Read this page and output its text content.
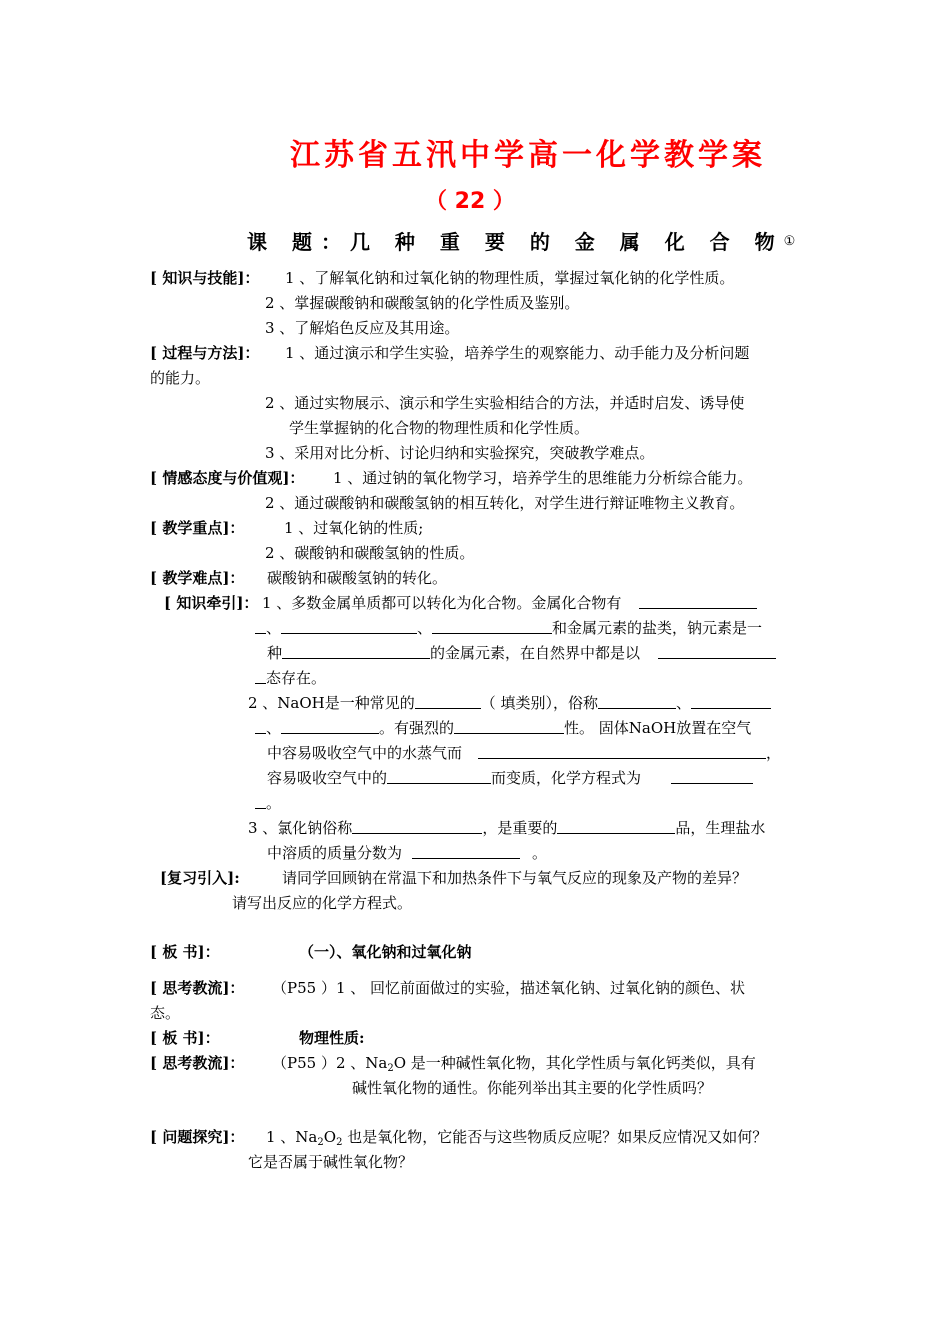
江苏省五汛中学高一化学教学案
（ 22 ）
课 题：几 种 重 要 的 金 属 化 合 物①
[ 知识与技能]： 1 、了解氧化钠和过氧化钠的物理性质，掌握过氧化钠的化学性质。
2 、掌握碳酸钠和碳酸氢钠的化学性质及鉴别。
3 、了解焰色反应及其用途。
[ 过程与方法]： 1 、通过演示和学生实验，培养学生的观察能力、动手能力及分析问题
的能力。
2 、通过实物展示、演示和学生实验相结合的方法，并适时启发、诱导使
学生掌握钠的化合物的物理性质和化学性质。
3 、采用对比分析、讨论归纳和实验探究，突破教学难点。
[ 情感态度与价值观]： 1 、通过钠的氧化物学习，培养学生的思维能力分析综合能力。
2 、通过碳酸钠和碳酸氢钠的相互转化，对学生进行辩证唯物主义教育。
[ 教学重点]：	1 、过氧化钠的性质;
2 、碳酸钠和碳酸氢钠的性质。
[ 教学难点]： 碳酸钠和碳酸氢钠的转化。
[ 知识牵引]： 1 、多数金属单质都可以转化为化合物。金属化合物有
、	、	和金属元素的盐类，钠元素是一
种	的金属元素，在自然界中都是以
态存在。
2 、NaOH是一种常见的	（ 填类别），俗称	、
、	。有强烈的	性。 固体NaOH放置在空气
中容易吸收空气中的水蒸气而	，
容易吸收空气中的	而变质，化学方程式为
。
3 、氯化钠俗称	，是重要的	品，生理盐水
中溶质的质量分数为	。
[复习引入]:	请同学回顾钠在常温下和加热条件下与氧气反应的现象及产物的差异？
请写出反应的化学方程式。
[ 板 书]：	（一）、氧化钠和过氧化钠
[ 思考教流]： （P55 ）1 、 回忆前面做过的实验，描述氧化钠、过氧化钠的颜色、状
态。
[ 板 书]：	物理性质:
[ 思考教流]： （P55 ）2 、$Na_2O$ 是一种碱性氧化物，其化学性质与氧化钙类似，具有
碱性氧化物的通性。你能列举出其主要的化学性质吗？
[ 问题探究]： 1 、$Na_2O_2$ 也是氧化物，它能否与这些物质反应呢？如果反应情况又如何？
它是否属于碱性氧化物？
